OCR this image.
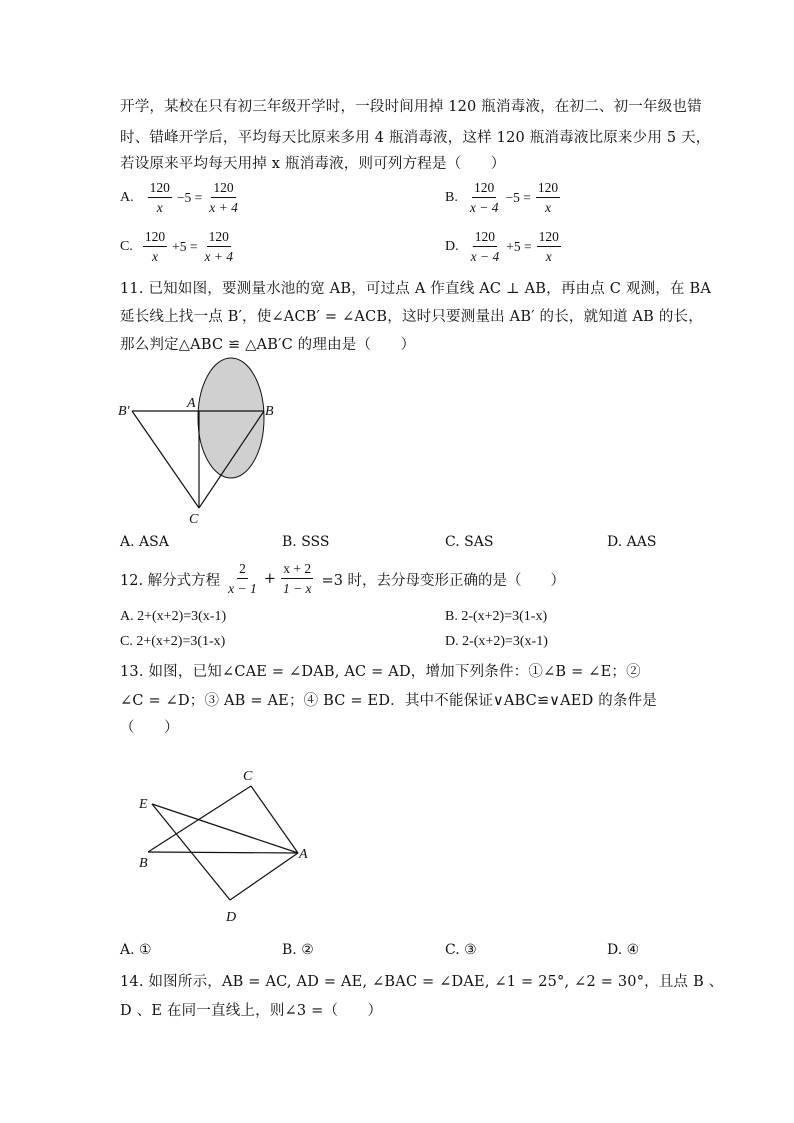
开学，某校在只有初三年级开学时，一段时间用掉 120 瓶消毒液，在初二、初一年级也错
时、错峰开学后，平均每天比原来多用 4 瓶消毒液，这样 120 瓶消毒液比原来少用 5 天，
若设原来平均每天用掉 x 瓶消毒液，则可列方程是（　　）
A.
120
x
$-5 = \frac{120}{x + 4}$	B.
120
x − 4
$-5 = \frac{120}{x}$
C.
120
x
$+5 = \frac{120}{x + 4}$	D.
120
x − 4
$+5 = \frac{120}{x}$
11. 已知如图，要测量水池的宽 AB，可过点 A 作直线 AC ⊥ AB，再由点 C 观测，在 BA
延长线上找一点 B′，使∠ACB′ = ∠ACB，这时只要测量出 AB′ 的长，就知道 AB 的长，
那么判定△ABC ≌ △AB′C 的理由是（　　）
B′
A
B
C
A. ASA	B. SSS	C. SAS	D. AAS
12. 解分式方程
2
x − 1
+ $\frac{x + 2}{1 - x} =3$ 时，去分母变形正确的是（　　）
A. 2+(x+2)=3(x-1)	B. 2-(x+2)=3(1-x)
C. 2+(x+2)=3(1-x)	D. 2-(x+2)=3(x-1)
13. 如图，已知∠CAE = ∠DAB, AC = AD，增加下列条件：①∠B = ∠E；②
∠C = ∠D；③ AB = AE；④ BC = ED．其中不能保证∨ABC≌∨AED 的条件是
（　　）
C
E
B
A
D
A. ①	B. ②	C. ③	D. ④
14. 如图所示，AB = AC, AD = AE, ∠BAC = ∠DAE, ∠1 = 25°, ∠2 = 30°，且点 B 、
D 、E 在同一直线上，则∠3 =（　　）
